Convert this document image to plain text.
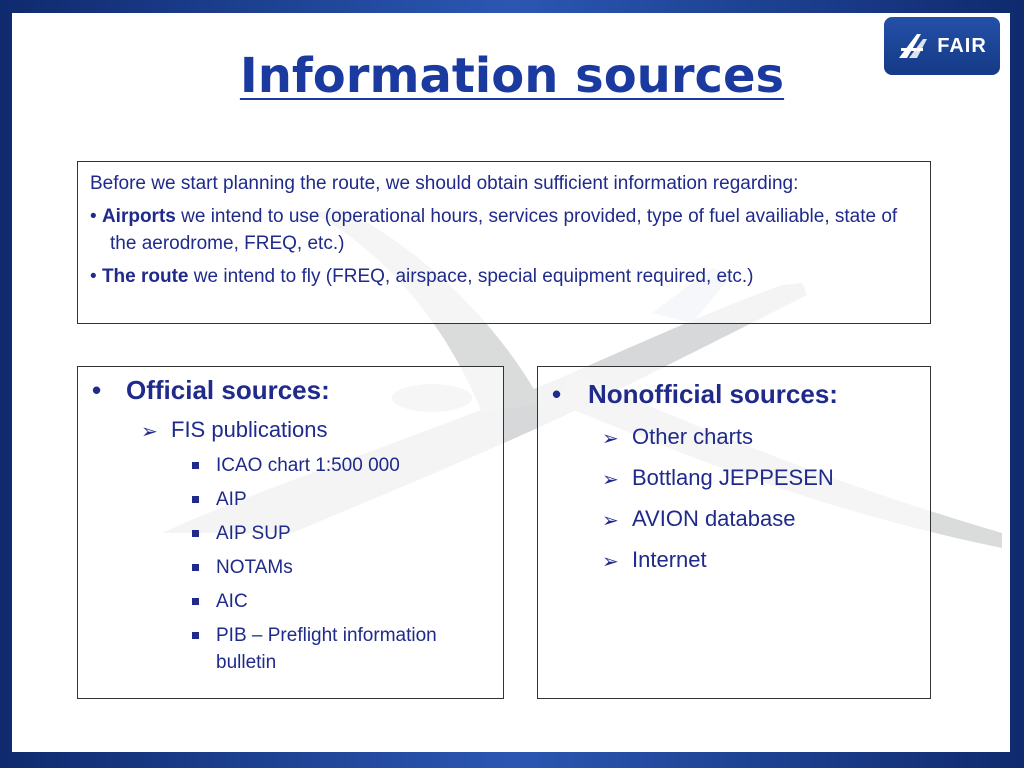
FAIR
Information sources

Before we start planning the route, we should obtain sufficient information regarding:

• Airports we intend to use (operational hours, services provided, type of fuel availiable, state of the aerodrome, FREQ, etc.)
• The route we intend to fly (FREQ, airspace, special equipment required, etc.)
• Official sources:
➢ FIS publications
ICAO chart 1:500 000
AIP
AIP SUP
NOTAMs
AIC
PIB – Preflight information bulletin
• Nonofficial sources:
➢ Other charts
➢ Bottlang JEPPESEN
➢ AVION database
➢ Internet
